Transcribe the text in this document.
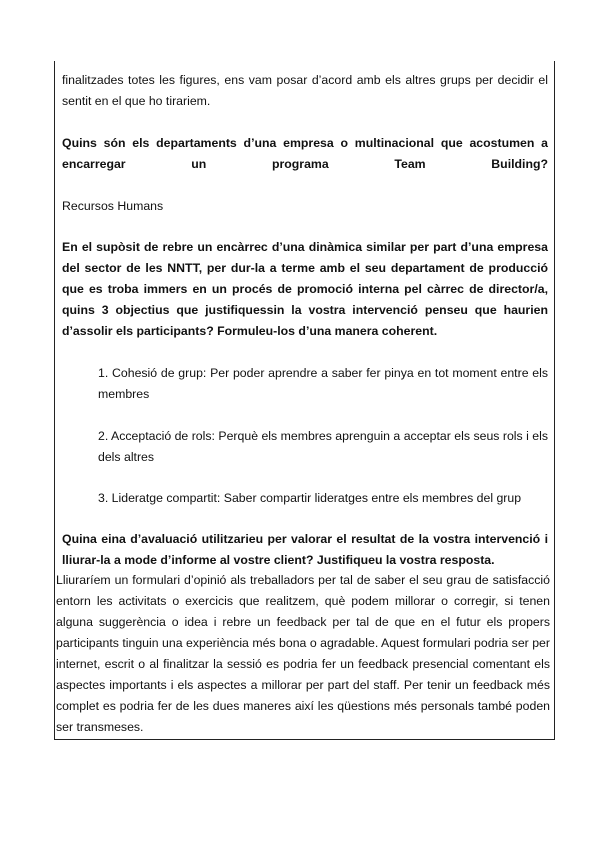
finalitzades totes les figures, ens vam posar d’acord amb els altres grups per decidir el sentit en el que ho tirariem.
Quins són els departaments d’una empresa o multinacional que acostumen a encarregar un programa Team Building?
Recursos Humans
En el supòsit de rebre un encàrrec d’una dinàmica similar per part d’una empresa del sector de les NNTT, per dur-la a terme amb el seu departament de producció que es troba immers en un procés de promoció interna pel càrrec de director/a, quins 3 objectius que justifiquessin la vostra intervenció penseu que haurien d’assolir els participants? Formuleu-los d’una manera coherent.
1. Cohesió de grup: Per poder aprendre a saber fer pinya en tot moment entre els membres
2. Acceptació de rols: Perquè els membres aprenguin a acceptar els seus rols i els dels altres
3. Lideratge compartit: Saber compartir lideratges entre els membres del grup
Quina eina d’avaluació utilitzarieu per valorar el resultat de la vostra intervenció i lliurar-la a mode d’informe al vostre client? Justifiqueu la vostra resposta.
Lliuraríem un formulari d’opinió als treballadors per tal de saber el seu grau de satisfacció entorn les activitats o exercicis que realitzem, què podem millorar o corregir, si tenen alguna suggerència o idea i rebre un feedback per tal de que en el futur els propers participants tinguin una experiència més bona o agradable. Aquest formulari podria ser per internet, escrit o al finalitzar la sessió es podria fer un feedback presencial comentant els aspectes importants i els aspectes a millorar per part del staff. Per tenir un feedback més complet es podria fer de les dues maneres així les qüestions més personals també poden ser transmeses.
